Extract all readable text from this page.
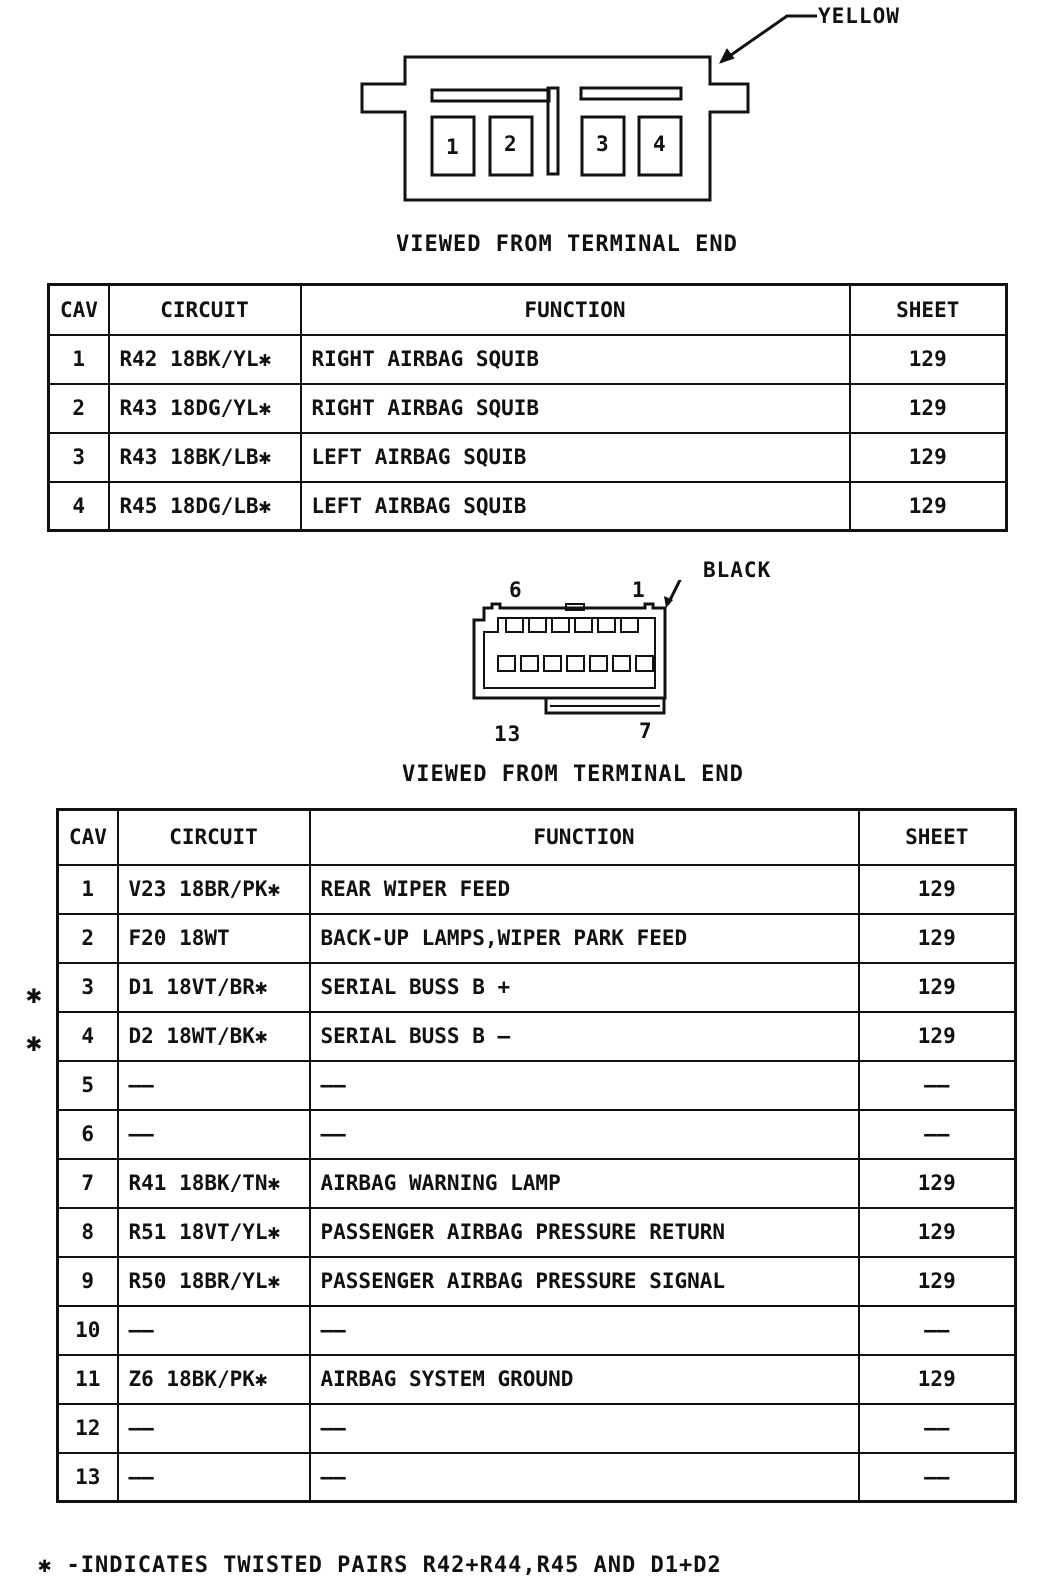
YELLOW
1 2	3 4
VIEWED FROM TERMINAL END
CAV	CIRCUIT	FUNCTION	SHEET
1	R42 18BK/YL✱	RIGHT AIRBAG SQUIB	129
2	R43 18DG/YL✱	RIGHT AIRBAG SQUIB	129
3	R43 18BK/LB✱	LEFT AIRBAG SQUIB	129
4	R45 18DG/LB✱	LEFT AIRBAG SQUIB	129
BLACK
6	1
13	7
VIEWED FROM TERMINAL END
CAV	CIRCUIT	FUNCTION	SHEET
1	V23 18BR/PK✱	REAR WIPER FEED	129
2	F20 18WT	BACK-UP LAMPS,WIPER PARK FEED	129
3	D1 18VT/BR✱	SERIAL BUSS B +	129
4	D2 18WT/BK✱	SERIAL BUSS B —	129
5	——	——	——
6	——	——	——
7	R41 18BK/TN✱	AIRBAG WARNING LAMP	129
8	R51 18VT/YL✱	PASSENGER AIRBAG PRESSURE RETURN	129
9	R50 18BR/YL✱	PASSENGER AIRBAG PRESSURE SIGNAL	129
10	——	——	——
11	Z6 18BK/PK✱	AIRBAG SYSTEM GROUND	129
12	——	——	——
13	——	——	——
✱
✱
✱ -INDICATES TWISTED PAIRS R42+R44,R45 AND D1+D2
